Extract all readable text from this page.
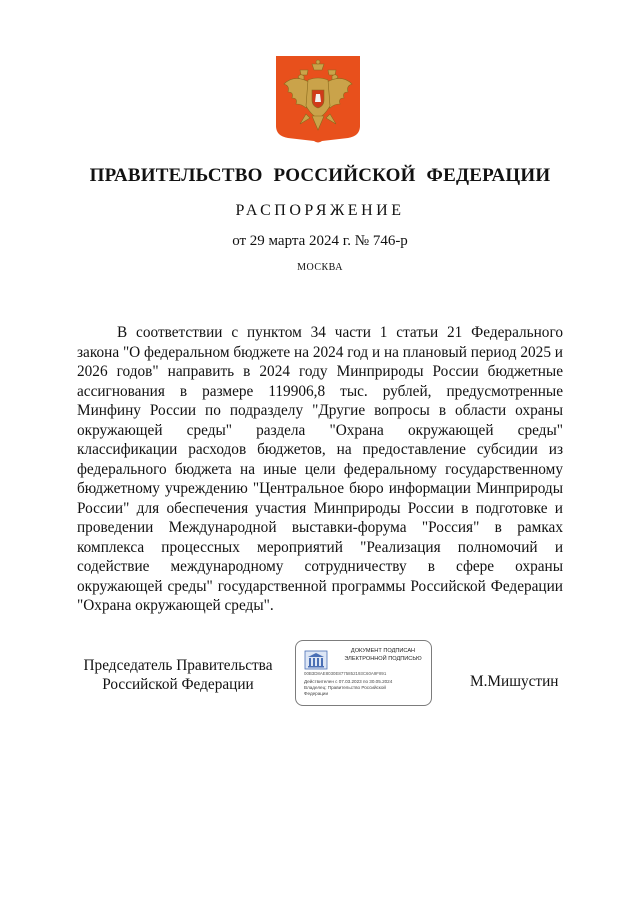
ПРАВИТЕЛЬСТВО РОССИЙСКОЙ ФЕДЕРАЦИИ
РАСПОРЯЖЕНИЕ
от 29 марта 2024 г. № 746-р
МОСКВА

В соответствии с пунктом 34 части 1 статьи 21 Федерального закона "О федеральном бюджете на 2024 год и на плановый период 2025 и 2026 годов" направить в 2024 году Минприроды России бюджетные ассигнования в размере 119906,8 тыс. рублей, предусмотренные Минфину России по подразделу "Другие вопросы в области охраны окружающей среды" раздела "Охрана окружающей среды" классификации расходов бюджетов, на предоставление субсидии из федерального бюджета на иные цели федеральному государственному бюджетному учреждению "Центральное бюро информации Минприроды России" для обеспечения участия Минприроды России в подготовке и проведении Международной выставки-форума "Россия" в рамках комплекса процессных мероприятий "Реализация полномочий и содействие международному сотрудничеству в сфере охраны окружающей среды" государственной программы Российской Федерации "Охрана окружающей среды".

Председатель Правительства
Российской Федерации
ДОКУМЕНТ ПОДПИСАН
ЭЛЕКТРОННОЙ ПОДПИСЬЮ
00B3D8AE8030E8775852193C60A9F891
Действителен с 07.03.2023 по 30.05.2024
Владелец: Правительство Российской
Федерации
М.Мишустин
